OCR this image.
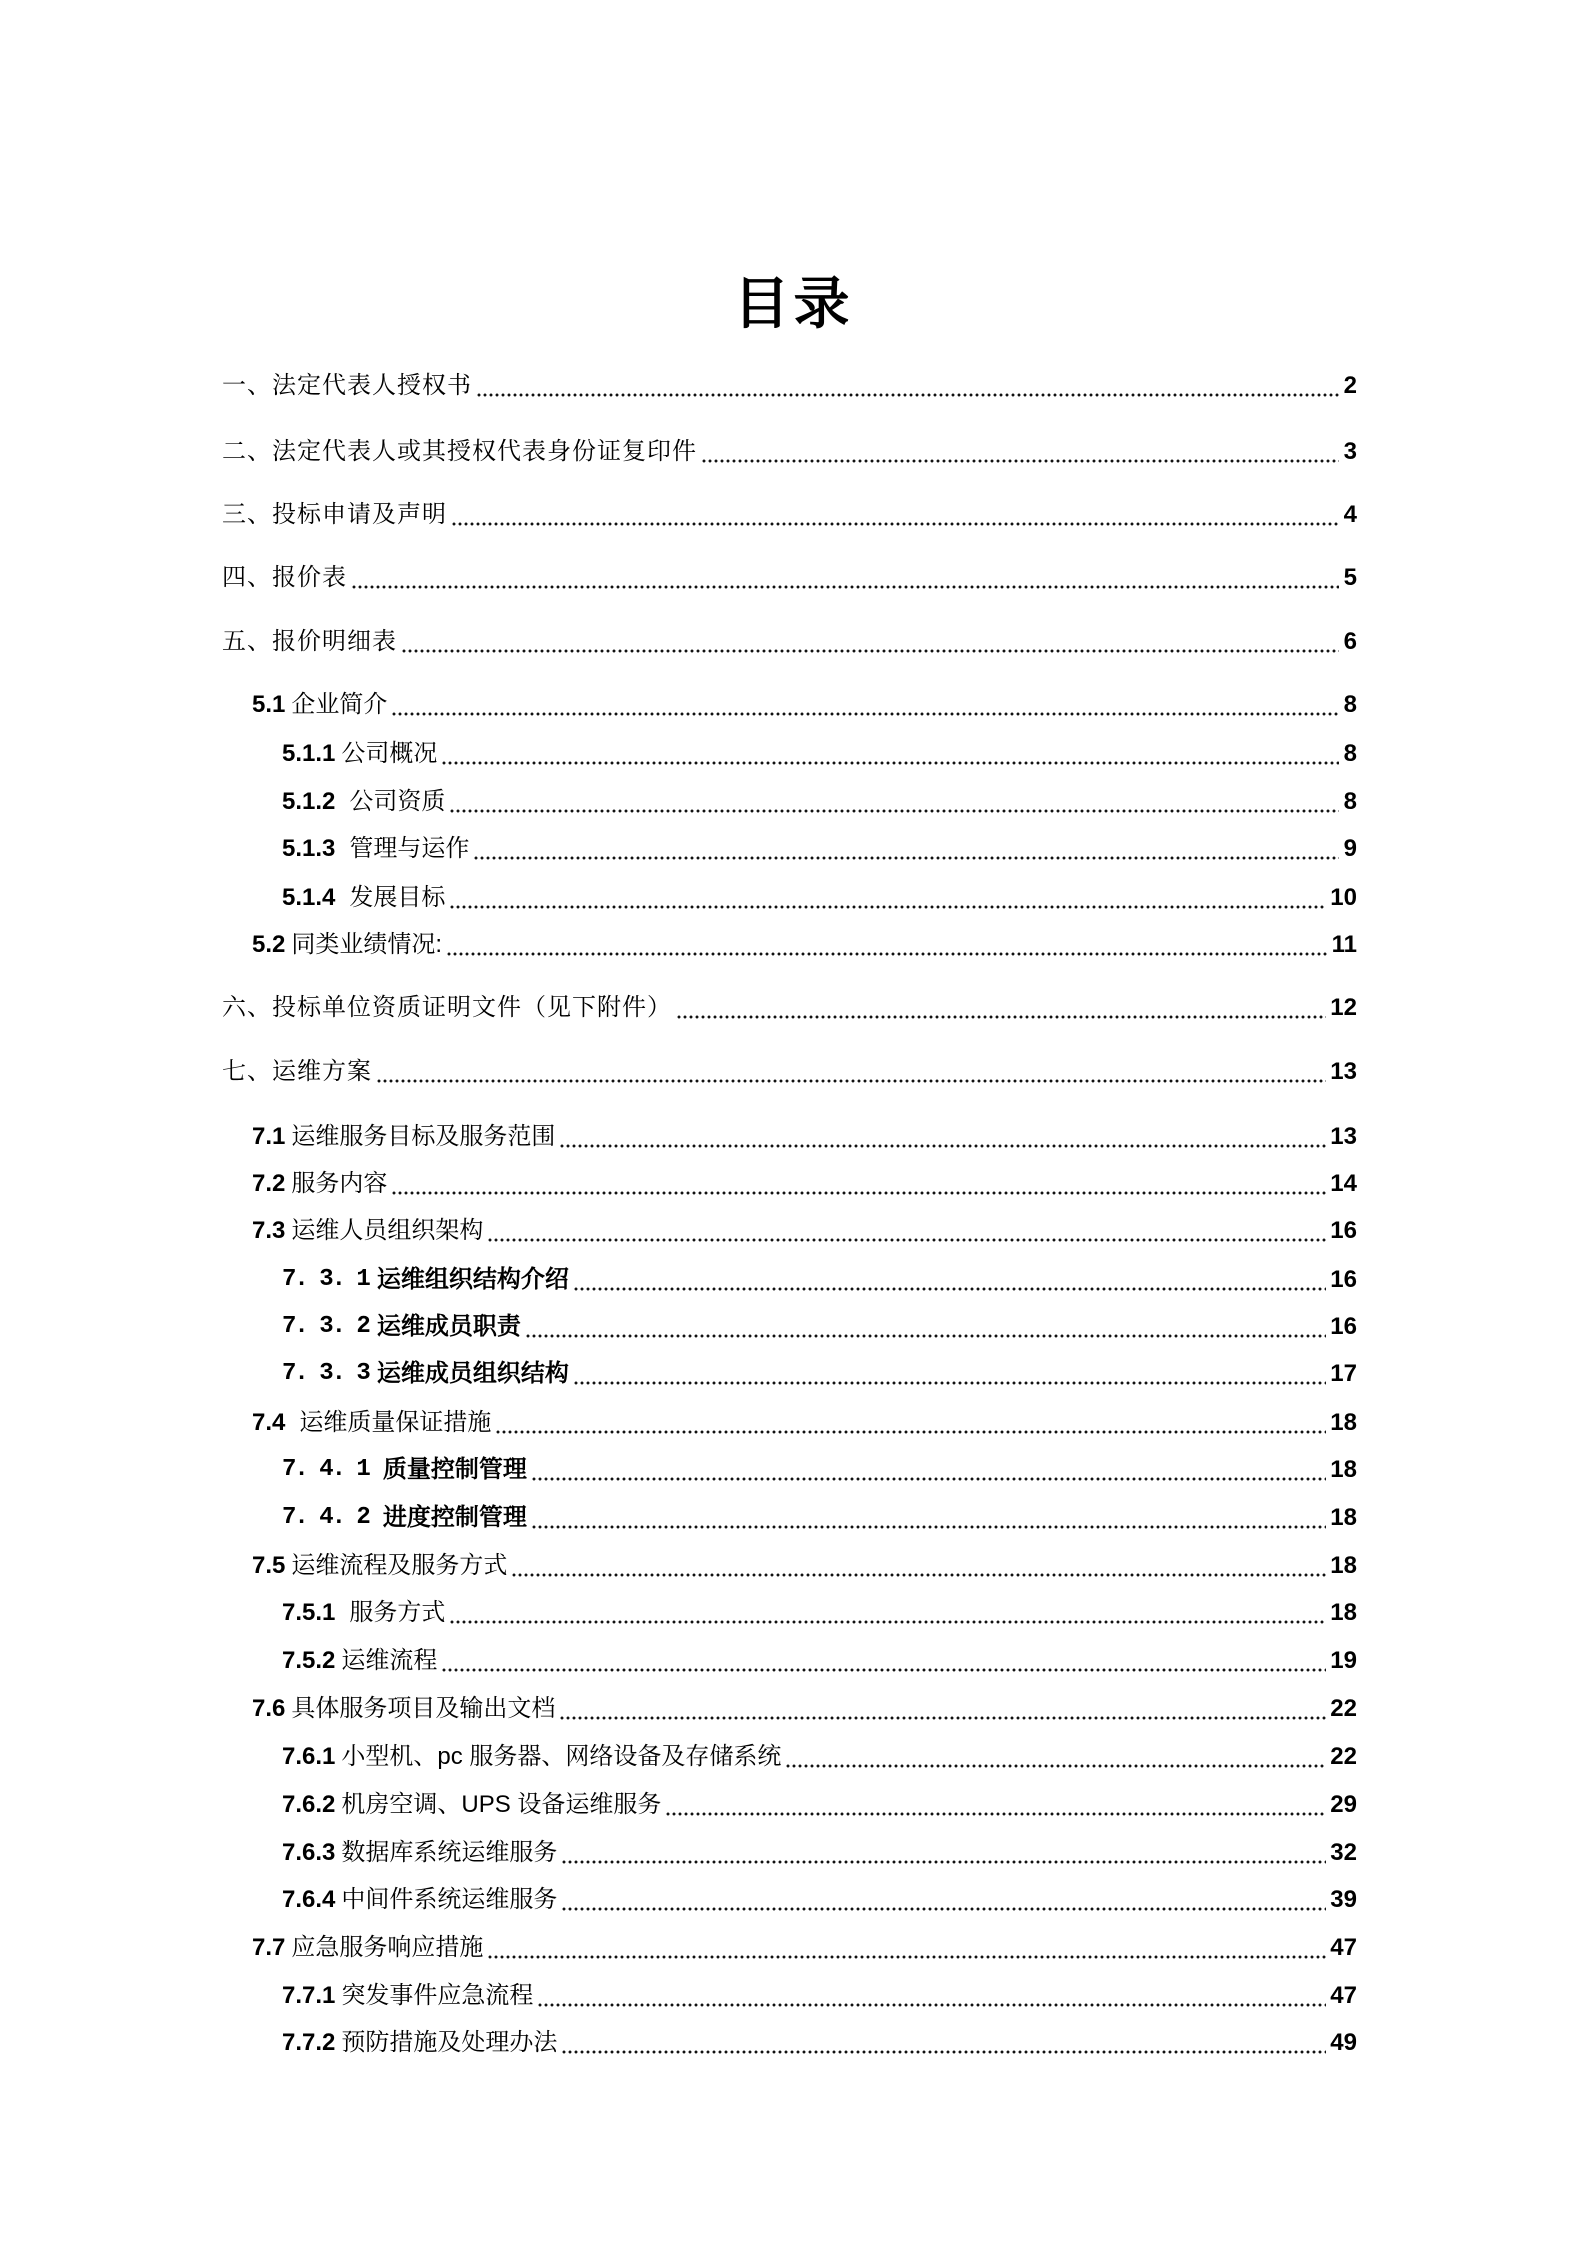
目录
一、法定代表人授权书	2
二、法定代表人或其授权代表身份证复印件	3
三、投标申请及声明	4
四、报价表	5
五、报价明细表	6
5.1 企业简介	8
5.1.1 公司概况	8
5.1.2 公司资质	8
5.1.3 管理与运作	9
5.1.4 发展目标	10
5.2 同类业绩情况:	11
六、投标单位资质证明文件（见下附件）	12
七、运维方案	13
7.1 运维服务目标及服务范围	13
7.2 服务内容	14
7.3 运维人员组织架构	16
7. 3. 1 运维组织结构介绍	16
7. 3. 2 运维成员职责	16
7. 3. 3 运维成员组织结构	17
7.4 运维质量保证措施	18
7. 4. 1 质量控制管理	18
7. 4. 2 进度控制管理	18
7.5 运维流程及服务方式	18
7.5.1 服务方式	18
7.5.2 运维流程	19
7.6 具体服务项目及输出文档	22
7.6.1 小型机、pc 服务器、网络设备及存储系统	22
7.6.2 机房空调、UPS 设备运维服务	29
7.6.3 数据库系统运维服务	32
7.6.4 中间件系统运维服务	39
7.7 应急服务响应措施	47
7.7.1 突发事件应急流程	47
7.7.2 预防措施及处理办法	49
